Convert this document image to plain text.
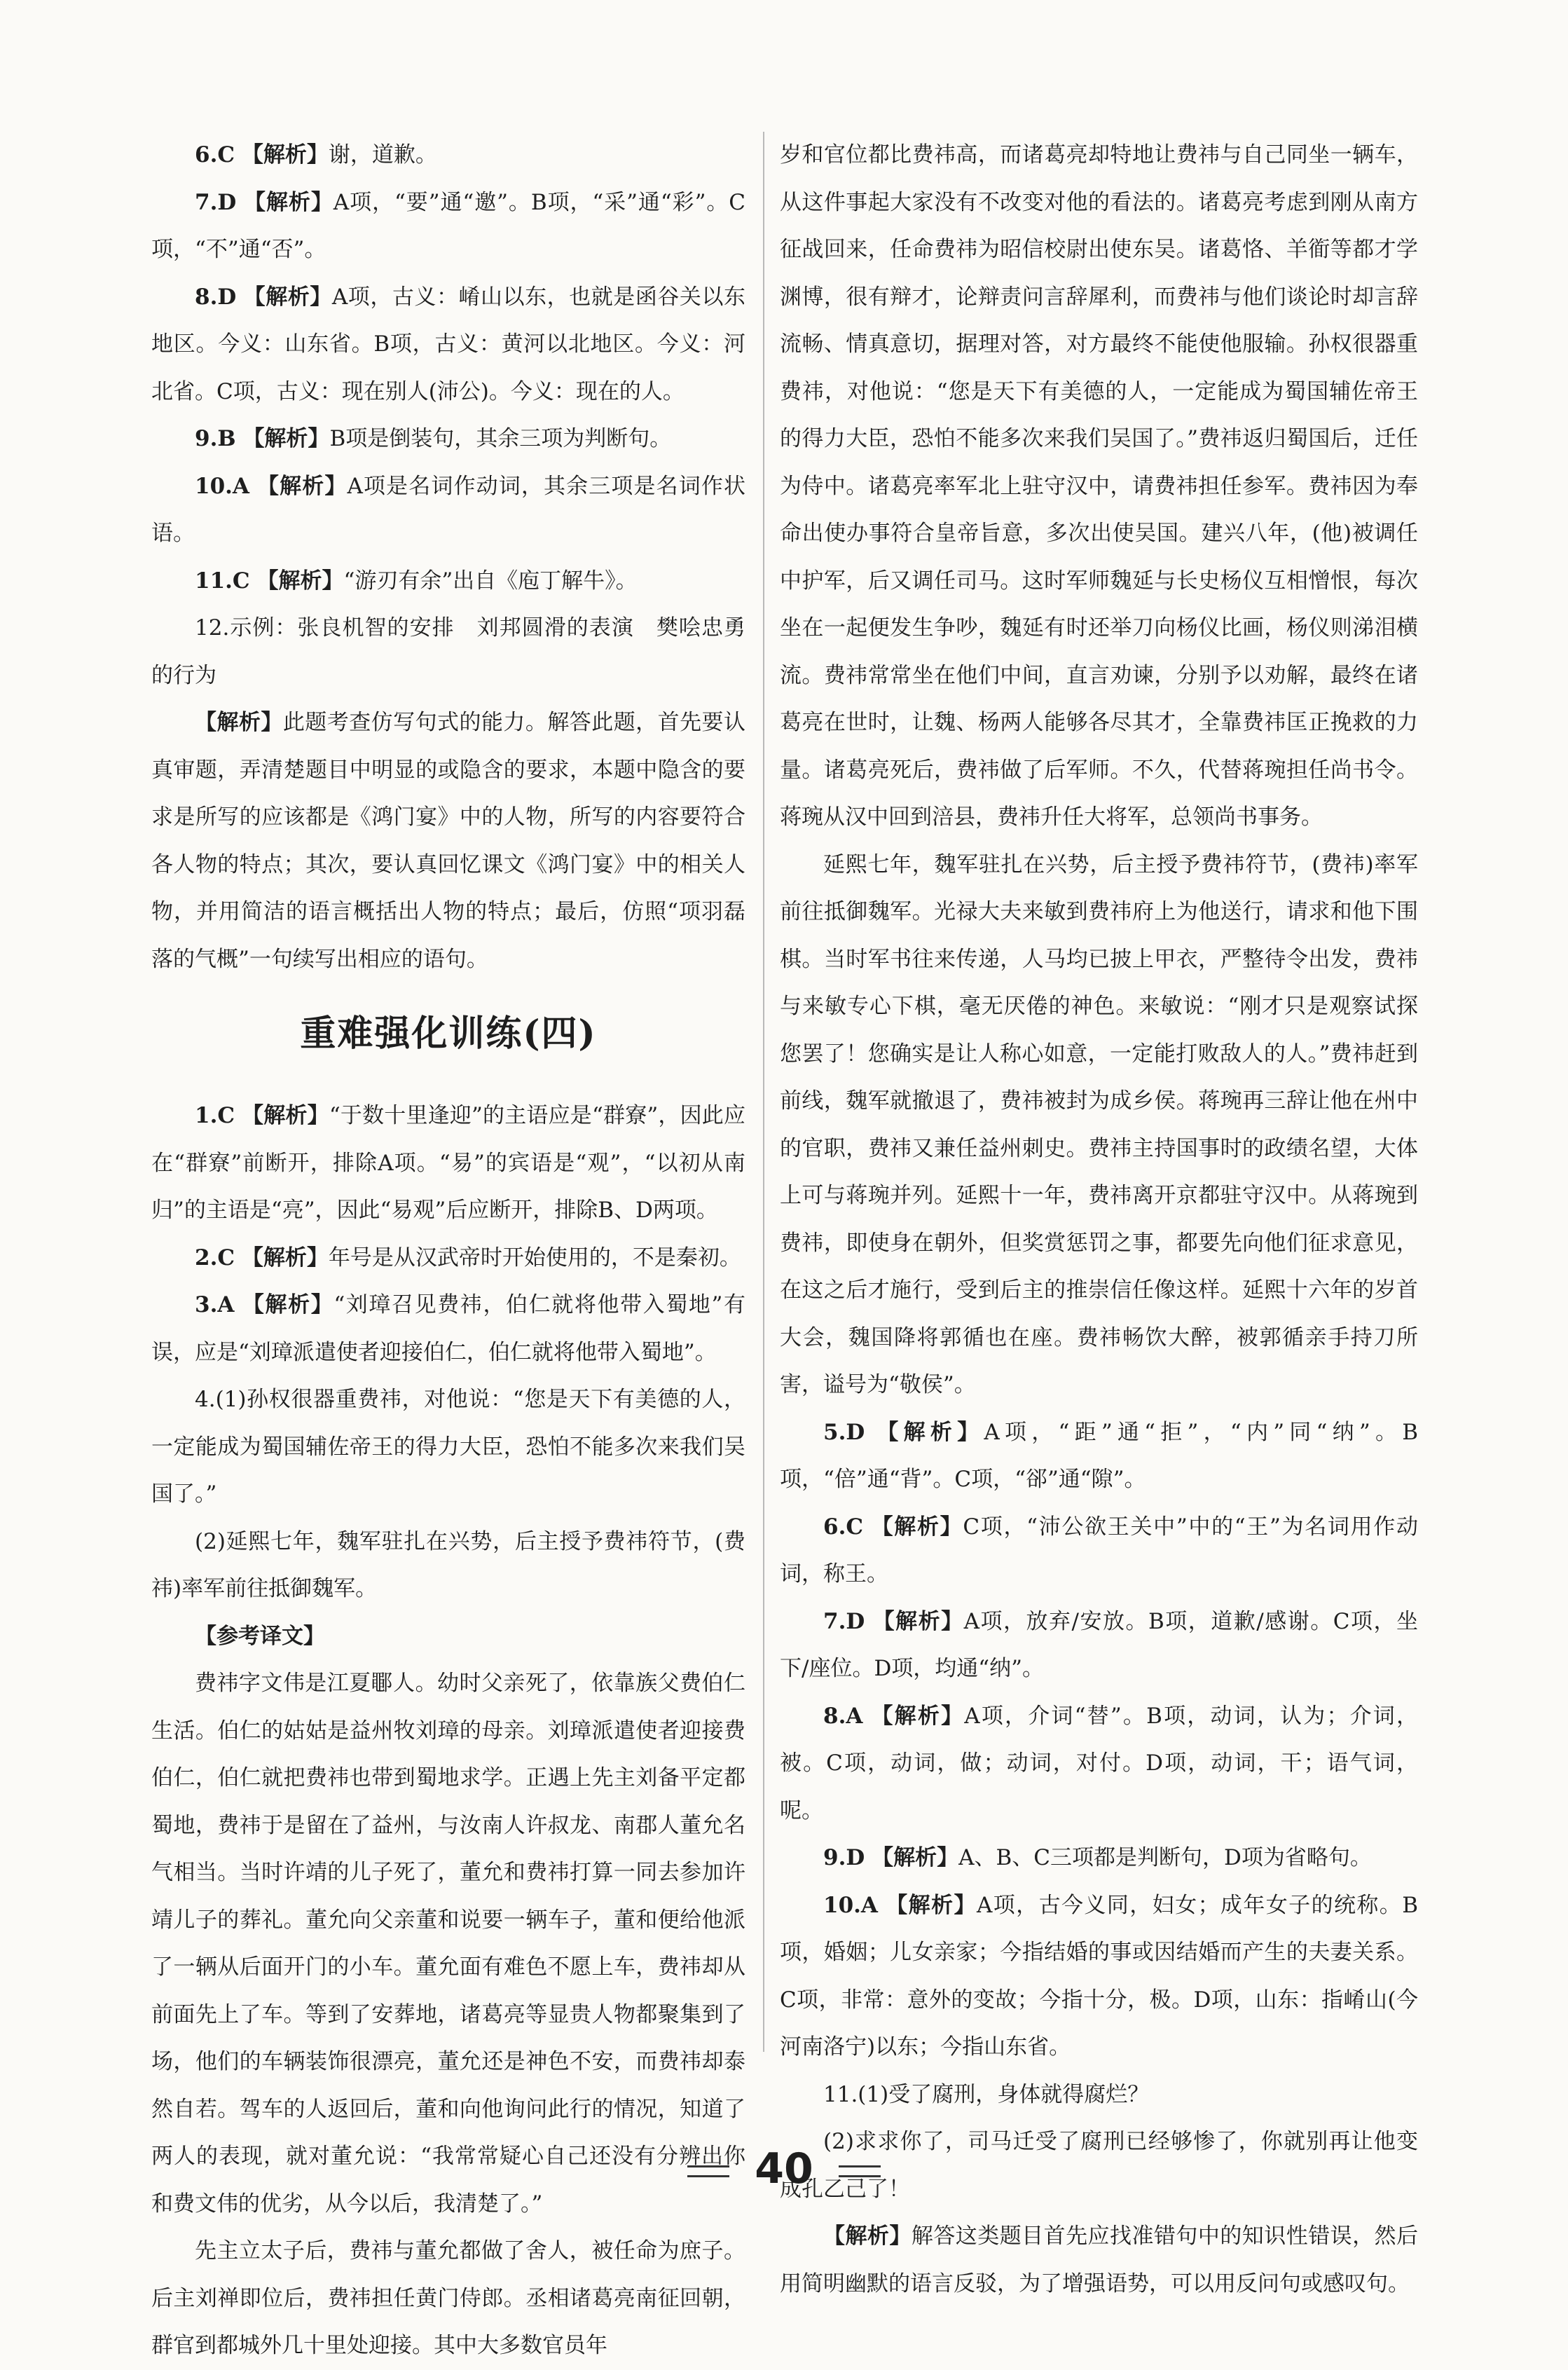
6.C 【解析】谢，道歉。

7.D 【解析】A项，“要”通“邀”。B项，“采”通“彩”。C项，“不”通“否”。

8.D 【解析】A项，古义：崤山以东，也就是函谷关以东地区。今义：山东省。B项，古义：黄河以北地区。今义：河北省。C项，古义：现在别人(沛公)。今义：现在的人。

9.B 【解析】B项是倒装句，其余三项为判断句。

10.A 【解析】A项是名词作动词，其余三项是名词作状语。

11.C 【解析】“游刃有余”出自《庖丁解牛》。

12.示例：张良机智的安排　刘邦圆滑的表演　樊哙忠勇的行为

【解析】此题考查仿写句式的能力。解答此题，首先要认真审题，弄清楚题目中明显的或隐含的要求，本题中隐含的要求是所写的应该都是《鸿门宴》中的人物，所写的内容要符合各人物的特点；其次，要认真回忆课文《鸿门宴》中的相关人物，并用简洁的语言概括出人物的特点；最后，仿照“项羽磊落的气概”一句续写出相应的语句。

重难强化训练(四)

1.C 【解析】“于数十里逢迎”的主语应是“群寮”，因此应在“群寮”前断开，排除A项。“易”的宾语是“观”，“以初从南归”的主语是“亮”，因此“易观”后应断开，排除B、D两项。

2.C 【解析】年号是从汉武帝时开始使用的，不是秦初。

3.A 【解析】“刘璋召见费祎，伯仁就将他带入蜀地”有误，应是“刘璋派遣使者迎接伯仁，伯仁就将他带入蜀地”。

4.(1)孙权很器重费祎，对他说：“您是天下有美德的人，一定能成为蜀国辅佐帝王的得力大臣，恐怕不能多次来我们吴国了。”

(2)延熙七年，魏军驻扎在兴势，后主授予费祎符节，(费祎)率军前往抵御魏军。

【参考译文】

费祎字文伟是江夏鄳人。幼时父亲死了，依靠族父费伯仁生活。伯仁的姑姑是益州牧刘璋的母亲。刘璋派遣使者迎接费伯仁，伯仁就把费祎也带到蜀地求学。正遇上先主刘备平定都蜀地，费祎于是留在了益州，与汝南人许叔龙、南郡人董允名气相当。当时许靖的儿子死了，董允和费祎打算一同去参加许靖儿子的葬礼。董允向父亲董和说要一辆车子，董和便给他派了一辆从后面开门的小车。董允面有难色不愿上车，费祎却从前面先上了车。等到了安葬地，诸葛亮等显贵人物都聚集到了场，他们的车辆装饰很漂亮，董允还是神色不安，而费祎却泰然自若。驾车的人返回后，董和向他询问此行的情况，知道了两人的表现，就对董允说：“我常常疑心自己还没有分辨出你和费文伟的优劣，从今以后，我清楚了。”

先主立太子后，费祎与董允都做了舍人，被任命为庶子。后主刘禅即位后，费祎担任黄门侍郎。丞相诸葛亮南征回朝，群官到都城外几十里处迎接。其中大多数官员年

岁和官位都比费祎高，而诸葛亮却特地让费祎与自己同坐一辆车，从这件事起大家没有不改变对他的看法的。诸葛亮考虑到刚从南方征战回来，任命费祎为昭信校尉出使东吴。诸葛恪、羊衜等都才学渊博，很有辩才，论辩责问言辞犀利，而费祎与他们谈论时却言辞流畅、情真意切，据理对答，对方最终不能使他服输。孙权很器重费祎，对他说：“您是天下有美德的人，一定能成为蜀国辅佐帝王的得力大臣，恐怕不能多次来我们吴国了。”费祎返归蜀国后，迁任为侍中。诸葛亮率军北上驻守汉中，请费祎担任参军。费祎因为奉命出使办事符合皇帝旨意，多次出使吴国。建兴八年，(他)被调任中护军，后又调任司马。这时军师魏延与长史杨仪互相憎恨，每次坐在一起便发生争吵，魏延有时还举刀向杨仪比画，杨仪则涕泪横流。费祎常常坐在他们中间，直言劝谏，分别予以劝解，最终在诸葛亮在世时，让魏、杨两人能够各尽其才，全靠费祎匡正挽救的力量。诸葛亮死后，费祎做了后军师。不久，代替蒋琬担任尚书令。蒋琬从汉中回到涪县，费祎升任大将军，总领尚书事务。

延熙七年，魏军驻扎在兴势，后主授予费祎符节，(费祎)率军前往抵御魏军。光禄大夫来敏到费祎府上为他送行，请求和他下围棋。当时军书往来传递，人马均已披上甲衣，严整待令出发，费祎与来敏专心下棋，毫无厌倦的神色。来敏说：“刚才只是观察试探您罢了！您确实是让人称心如意，一定能打败敌人的人。”费祎赶到前线，魏军就撤退了，费祎被封为成乡侯。蒋琬再三辞让他在州中的官职，费祎又兼任益州刺史。费祎主持国事时的政绩名望，大体上可与蒋琬并列。延熙十一年，费祎离开京都驻守汉中。从蒋琬到费祎，即使身在朝外，但奖赏惩罚之事，都要先向他们征求意见，在这之后才施行，受到后主的推崇信任像这样。延熙十六年的岁首大会，魏国降将郭循也在座。费祎畅饮大醉，被郭循亲手持刀所害，谥号为“敬侯”。

5.D 【解析】A项，“距”通“拒”，“内”同“纳”。B项，“倍”通“背”。C项，“郤”通“隙”。

6.C 【解析】C项，“沛公欲王关中”中的“王”为名词用作动词，称王。

7.D 【解析】A项，放弃/安放。B项，道歉/感谢。C项，坐下/座位。D项，均通“纳”。

8.A 【解析】A项，介词“替”。B项，动词，认为；介词，被。C项，动词，做；动词，对付。D项，动词，干；语气词，呢。

9.D 【解析】A、B、C三项都是判断句，D项为省略句。

10.A 【解析】A项，古今义同，妇女；成年女子的统称。B项，婚姻；儿女亲家；今指结婚的事或因结婚而产生的夫妻关系。C项，非常：意外的变故；今指十分，极。D项，山东：指崤山(今河南洛宁)以东；今指山东省。

11.(1)受了腐刑，身体就得腐烂？

(2)求求你了，司马迁受了腐刑已经够惨了，你就别再让他变成孔乙己了！

【解析】解答这类题目首先应找准错句中的知识性错误，然后用简明幽默的语言反驳，为了增强语势，可以用反问句或感叹句。

40
